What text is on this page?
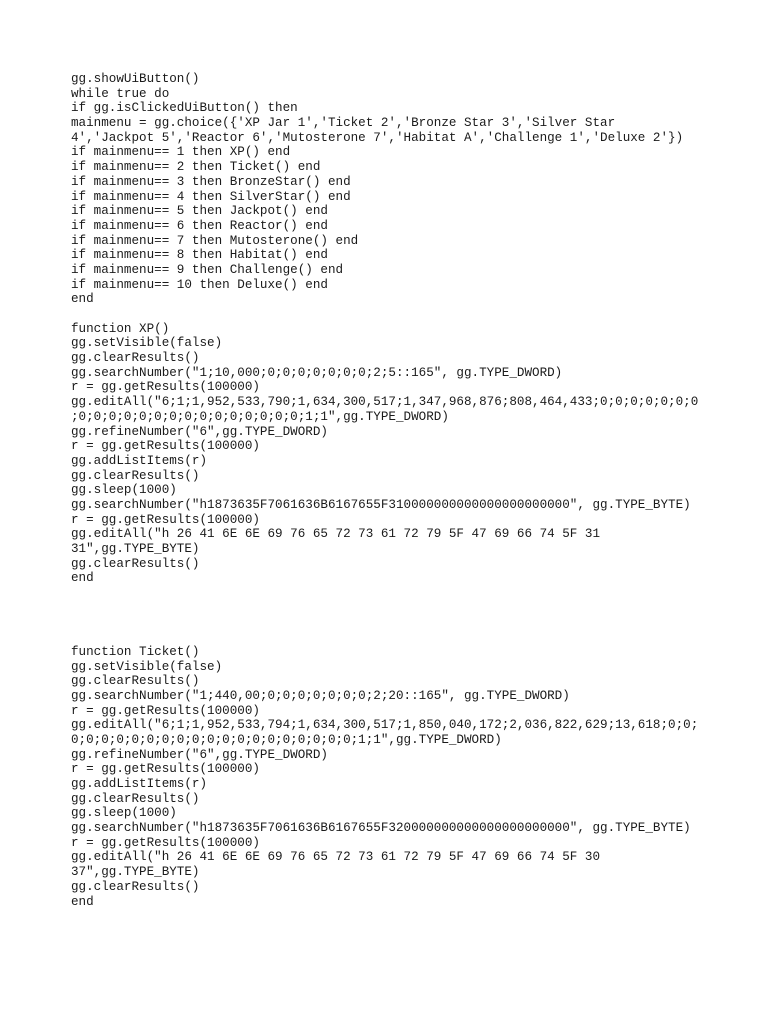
gg.showUiButton()
while true do
if gg.isClickedUiButton() then
mainmenu = gg.choice({'XP Jar 1','Ticket 2','Bronze Star 3','Silver Star
4','Jackpot 5','Reactor 6','Mutosterone 7','Habitat A','Challenge 1','Deluxe 2'})
if mainmenu== 1 then XP() end
if mainmenu== 2 then Ticket() end
if mainmenu== 3 then BronzeStar() end
if mainmenu== 4 then SilverStar() end
if mainmenu== 5 then Jackpot() end
if mainmenu== 6 then Reactor() end
if mainmenu== 7 then Mutosterone() end
if mainmenu== 8 then Habitat() end
if mainmenu== 9 then Challenge() end
if mainmenu== 10 then Deluxe() end
end
function XP()
gg.setVisible(false)
gg.clearResults()
gg.searchNumber("1;10,000;0;0;0;0;0;0;0;2;5::165", gg.TYPE_DWORD)
r = gg.getResults(100000)
gg.editAll("6;1;1,952,533,790;1,634,300,517;1,347,968,876;808,464,433;0;0;0;0;0;0;0
;0;0;0;0;0;0;0;0;0;0;0;0;0;0;0;1;1",gg.TYPE_DWORD)
gg.refineNumber("6",gg.TYPE_DWORD)
r = gg.getResults(100000)
gg.addListItems(r)
gg.clearResults()
gg.sleep(1000)
gg.searchNumber("h1873635F7061636B6167655F310000000000000000000000", gg.TYPE_BYTE)
r = gg.getResults(100000)
gg.editAll("h 26 41 6E 6E 69 76 65 72 73 61 72 79 5F 47 69 66 74 5F 31
31",gg.TYPE_BYTE)
gg.clearResults()
end
function Ticket()
gg.setVisible(false)
gg.clearResults()
gg.searchNumber("1;440,00;0;0;0;0;0;0;0;2;20::165", gg.TYPE_DWORD)
r = gg.getResults(100000)
gg.editAll("6;1;1,952,533,794;1,634,300,517;1,850,040,172;2,036,822,629;13,618;0;0;
0;0;0;0;0;0;0;0;0;0;0;0;0;0;0;0;0;0;0;1;1",gg.TYPE_DWORD)
gg.refineNumber("6",gg.TYPE_DWORD)
r = gg.getResults(100000)
gg.addListItems(r)
gg.clearResults()
gg.sleep(1000)
gg.searchNumber("h1873635F7061636B6167655F320000000000000000000000", gg.TYPE_BYTE)
r = gg.getResults(100000)
gg.editAll("h 26 41 6E 6E 69 76 65 72 73 61 72 79 5F 47 69 66 74 5F 30
37",gg.TYPE_BYTE)
gg.clearResults()
end
